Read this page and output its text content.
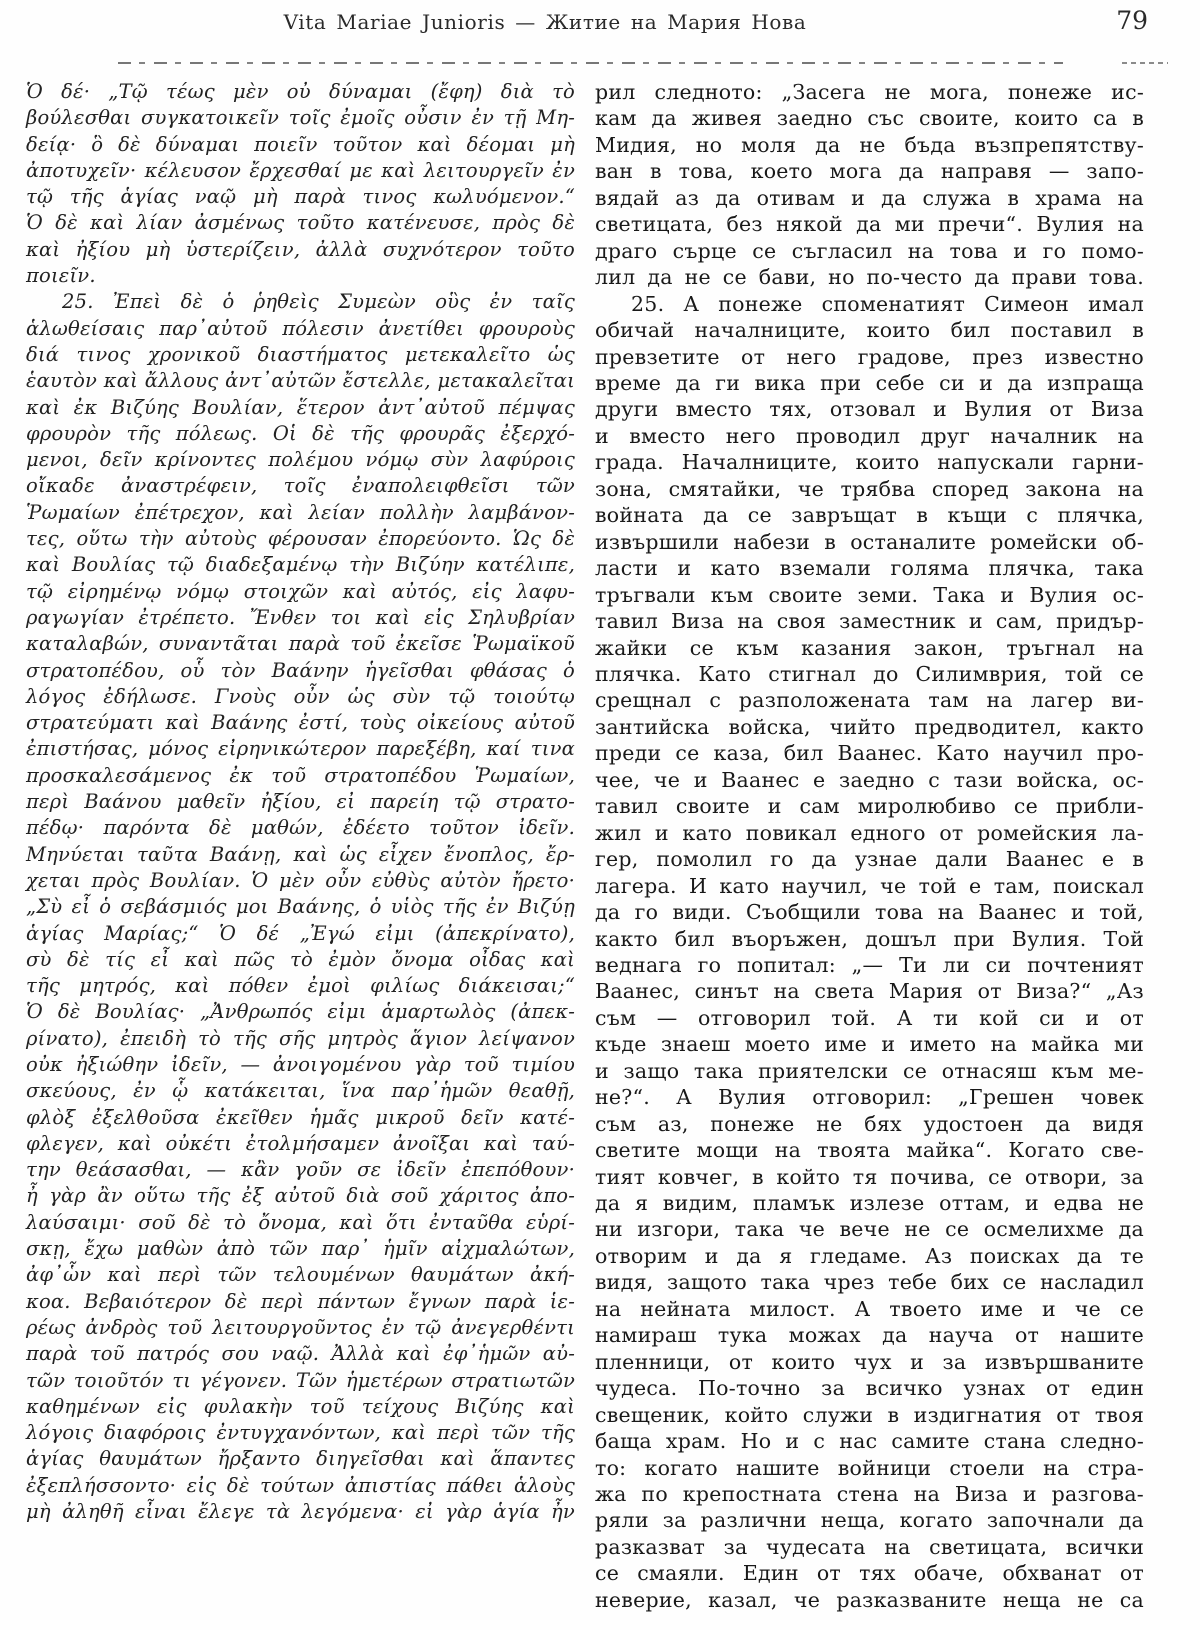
Vita Mariae Junioris — Житие на Мария Нова	79
Ὁ δέ· „Τῷ τέως μὲν οὐ δύναμαι (ἔφη) διὰ τὸ
βούλεσθαι συγκατοικεῖν τοῖς ἐμοῖς οὖσιν ἐν τῇ Μη-
δείᾳ· ὃ δὲ δύναμαι ποιεῖν τοῦτον καὶ δέομαι μὴ
ἀποτυχεῖν· κέλευσον ἔρχεσθαί με καὶ λειτουργεῖν ἐν
τῷ τῆς ἁγίας ναῷ μὴ παρὰ τινος κωλυόμενον.“
Ὁ δὲ καὶ λίαν ἀσμένως τοῦτο κατένευσε, πρὸς δὲ
καὶ ἠξίου μὴ ὑστερίζειν, ἀλλὰ συχνότερον τοῦτο
ποιεῖν.
25. Ἐπεὶ δὲ ὁ ῥηθεὶς Συμεὼν οὓς ἐν ταῖς
ἁλωθείσαις παρ᾽αὐτοῦ πόλεσιν ἀνετίθει φρουροὺς
διά τινος χρονικοῦ διαστήματος μετεκαλεῖτο ὡς
ἑαυτὸν καὶ ἄλλους ἀντ᾽αὐτῶν ἔστελλε, μετακαλεῖται
καὶ ἐκ Βιζύης Βουλίαν, ἕτερον ἀντ᾽αὐτοῦ πέμψας
φρουρὸν τῆς πόλεως. Οἱ δὲ τῆς φρουρᾶς ἐξερχό-
μενοι, δεῖν κρίνοντες πολέμου νόμῳ σὺν λαφύροις
οἴκαδε ἀναστρέφειν, τοῖς ἐναπολειφθεῖσι τῶν
Ῥωμαίων ἐπέτρεχον, καὶ λείαν πολλὴν λαμβάνον-
τες, οὕτω τὴν αὐτοὺς φέρουσαν ἐπορεύοντο. Ὡς δὲ
καὶ Βουλίας τῷ διαδεξαμένῳ τὴν Βιζύην κατέλιπε,
τῷ εἰρημένῳ νόμῳ στοιχῶν καὶ αὐτός, εἰς λαφυ-
ραγωγίαν ἐτρέπετο. Ἔνθεν τοι καὶ εἰς Σηλυβρίαν
καταλαβών, συναντᾶται παρὰ τοῦ ἐκεῖσε Ῥωμαϊκοῦ
στρατοπέδου, οὗ τὸν Βαάνην ἡγεῖσθαι φθάσας ὁ
λόγος ἐδήλωσε. Γνοὺς οὖν ὡς σὺν τῷ τοιούτῳ
στρατεύματι καὶ Βαάνης ἐστί, τοὺς οἰκείους αὐτοῦ
ἐπιστήσας, μόνος εἰρηνικώτερον παρεξέβη, καί τινα
προσκαλεσάμενος ἐκ τοῦ στρατοπέδου Ῥωμαίων,
περὶ Βαάνου μαθεῖν ἠξίου, εἰ παρείη τῷ στρατο-
πέδῳ· παρόντα δὲ μαθών, ἐδέετο τοῦτον ἰδεῖν.
Μηνύεται ταῦτα Βαάνῃ, καὶ ὡς εἶχεν ἔνοπλος, ἔρ-
χεται πρὸς Βουλίαν. Ὁ μὲν οὖν εὐθὺς αὐτὸν ἤρετο·
„Σὺ εἶ ὁ σεβάσμιός μοι Βαάνης, ὁ υἱὸς τῆς ἐν Βιζύῃ
ἁγίας Μαρίας;“ Ὁ δέ „Ἐγώ εἰμι (ἀπεκρίνατο),
σὺ δὲ τίς εἶ καὶ πῶς τὸ ἐμὸν ὄνομα οἶδας καὶ
τῆς μητρός, καὶ πόθεν ἐμοὶ φιλίως διάκεισαι;“
Ὁ δὲ Βουλίας· „Ἀνθρωπός εἰμι ἁμαρτωλὸς (ἀπεκ-
ρίνατο), ἐπειδὴ τὸ τῆς σῆς μητρὸς ἅγιον λείψανον
οὐκ ἠξιώθην ἰδεῖν, — ἀνοιγομένου γὰρ τοῦ τιμίου
σκεύους, ἐν ᾧ κατάκειται, ἵνα παρ᾽ἡμῶν θεαθῇ,
φλὸξ ἐξελθοῦσα ἐκεῖθεν ἡμᾶς μικροῦ δεῖν κατέ-
φλεγεν, καὶ οὐκέτι ἐτολμήσαμεν ἀνοῖξαι καὶ ταύ-
την θεάσασθαι, — κἂν γοῦν σε ἰδεῖν ἐπεπόθουν·
ἦ γὰρ ἂν οὕτω τῆς ἐξ αὐτοῦ διὰ σοῦ χάριτος ἀπο-
λαύσαιμι· σοῦ δὲ τὸ ὄνομα, καὶ ὅτι ἐνταῦθα εὑρί-
σκῃ, ἔχω μαθὼν ἀπὸ τῶν παρ᾽ ἡμῖν αἰχμαλώτων,
ἀφ᾽ὧν καὶ περὶ τῶν τελουμένων θαυμάτων ἀκή-
κοα. Βεβαιότερον δὲ περὶ πάντων ἔγνων παρὰ ἱε-
ρέως ἀνδρὸς τοῦ λειτουργοῦντος ἐν τῷ ἀνεγερθέντι
παρὰ τοῦ πατρός σου ναῷ. Ἀλλὰ καὶ ἐφ᾽ἡμῶν αὐ-
τῶν τοιοῦτόν τι γέγονεν. Τῶν ἡμετέρων στρατιωτῶν
καθημένων εἰς φυλακὴν τοῦ τείχους Βιζύης καὶ
λόγοις διαφόροις ἐντυγχανόντων, καὶ περὶ τῶν τῆς
ἁγίας θαυμάτων ἤρξαντο διηγεῖσθαι καὶ ἅπαντες
ἐξεπλήσσοντο· εἰς δὲ τούτων ἀπιστίας πάθει ἁλοὺς
μὴ ἀληθῆ εἶναι ἔλεγε τὰ λεγόμενα· εἰ γὰρ ἁγία ἦν
рил следното: „Засега не мога, понеже ис-
кам да живея заедно със своите, които са в
Мидия, но моля да не бъда възпрепятству-
ван в това, което мога да направя — запо-
вядай аз да отивам и да служа в храма на
светицата, без някой да ми пречи“. Вулия на
драго сърце се съгласил на това и го помо-
лил да не се бави, но по-често да прави това.
25. А понеже споменатият Симеон имал
обичай началниците, които бил поставил в
превзетите от него градове, през известно
време да ги вика при себе си и да изпраща
други вместо тях, отзовал и Вулия от Виза
и вместо него проводил друг началник на
града. Началниците, които напускали гарни-
зона, смятайки, че трябва според закона на
войната да се завръщат в къщи с плячка,
извършили набези в останалите ромейски об-
ласти и като вземали голяма плячка, така
тръгвали към своите земи. Така и Вулия ос-
тавил Виза на своя заместник и сам, придър-
жайки се към казания закон, тръгнал на
плячка. Като стигнал до Силимврия, той се
срещнал с разположената там на лагер ви-
зантийска войска, чийто предводител, както
преди се каза, бил Ваанес. Като научил про-
чее, че и Ваанес е заедно с тази войска, ос-
тавил своите и сам миролюбиво се прибли-
жил и като повикал едного от ромейския ла-
гер, помолил го да узнае дали Ваанес е в
лагера. И като научил, че той е там, поискал
да го види. Съобщили това на Ваанес и той,
както бил въоръжен, дошъл при Вулия. Той
веднага го попитал: „— Ти ли си почтеният
Ваанес, синът на света Мария от Виза?“ „Аз
съм — отговорил той. А ти кой си и от
къде знаеш моето име и името на майка ми
и защо така приятелски се отнасяш към ме-
не?“. А Вулия отговорил: „Грешен човек
съм аз, понеже не бях удостоен да видя
светите мощи на твоята майка“. Когато све-
тият ковчег, в който тя почива, се отвори, за
да я видим, пламък излезе оттам, и едва не
ни изгори, така че вече не се осмелихме да
отворим и да я гледаме. Аз поисках да те
видя, защото така чрез тебе бих се насладил
на нейната милост. А твоето име и че се
намираш тука можах да науча от нашите
пленници, от които чух и за извършваните
чудеса. По-точно за всичко узнах от един
свещеник, който служи в издигнатия от твоя
баща храм. Но и с нас самите стана следно-
то: когато нашите войници стоели на стра-
жа по крепостната стена на Виза и разгова-
ряли за различни неща, когато започнали да
разказват за чудесата на светицата, всички
се смаяли. Един от тях обаче, обхванат от
неверие, казал, че разказваните неща не са
